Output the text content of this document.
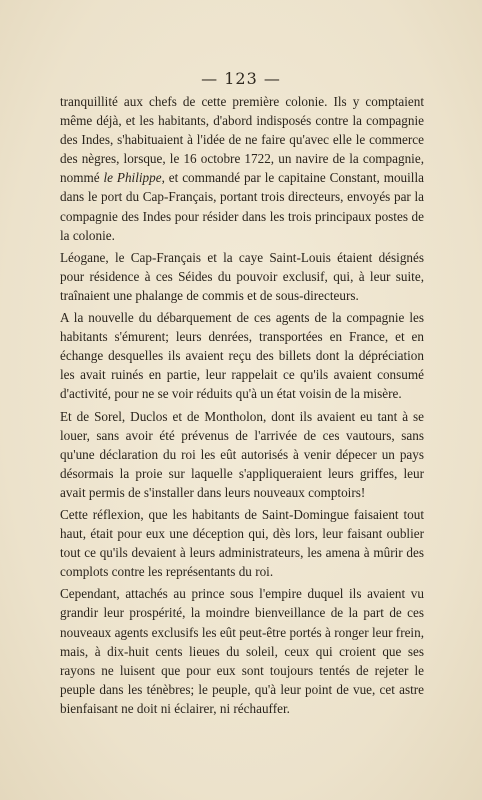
— 123 —

tranquillité aux chefs de cette première colonie. Ils y comptaient même déjà, et les habitants, d'abord indisposés contre la compagnie des Indes, s'habituaient à l'idée de ne faire qu'avec elle le commerce des nègres, lorsque, le 16 octobre 1722, un navire de la compagnie, nommé le Philippe, et commandé par le capitaine Constant, mouilla dans le port du Cap-Français, portant trois directeurs, envoyés par la compagnie des Indes pour résider dans les trois principaux postes de la colonie.

Léogane, le Cap-Français et la caye Saint-Louis étaient désignés pour résidence à ces Séides du pouvoir exclusif, qui, à leur suite, traînaient une phalange de commis et de sous-directeurs.

A la nouvelle du débarquement de ces agents de la compagnie les habitants s'émurent; leurs denrées, transportées en France, et en échange desquelles ils avaient reçu des billets dont la dépréciation les avait ruinés en partie, leur rappelait ce qu'ils avaient consumé d'activité, pour ne se voir réduits qu'à un état voisin de la misère.

Et de Sorel, Duclos et de Montholon, dont ils avaient eu tant à se louer, sans avoir été prévenus de l'arrivée de ces vautours, sans qu'une déclaration du roi les eût autorisés à venir dépecer un pays désormais la proie sur laquelle s'appliqueraient leurs griffes, leur avait permis de s'installer dans leurs nouveaux comptoirs!

Cette réflexion, que les habitants de Saint-Domingue faisaient tout haut, était pour eux une déception qui, dès lors, leur faisant oublier tout ce qu'ils devaient à leurs administrateurs, les amena à mûrir des complots contre les représentants du roi.

Cependant, attachés au prince sous l'empire duquel ils avaient vu grandir leur prospérité, la moindre bienveillance de la part de ces nouveaux agents exclusifs les eût peut-être portés à ronger leur frein, mais, à dix-huit cents lieues du soleil, ceux qui croient que ses rayons ne luisent que pour eux sont toujours tentés de rejeter le peuple dans les ténèbres; le peuple, qu'à leur point de vue, cet astre bienfaisant ne doit ni éclairer, ni réchauffer.
